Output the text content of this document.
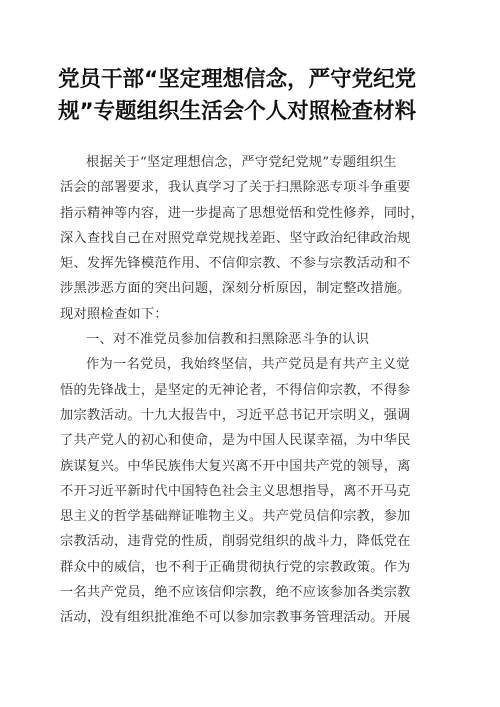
党员干部“坚定理想信念，严守党纪党
规”专题组织生活会个人对照检查材料
根据关于“坚定理想信念，严守党纪党规”专题组织生
活会的部署要求，我认真学习了关于扫黑除恶专项斗争重要
指示精神等内容，进一步提高了思想觉悟和党性修养，同时，
深入查找自己在对照党章党规找差距、坚守政治纪律政治规
矩、发挥先锋模范作用、不信仰宗教、不参与宗教活动和不
涉黑涉恶方面的突出问题，深刻分析原因，制定整改措施。
现对照检查如下：
一、对不准党员参加信教和扫黑除恶斗争的认识
作为一名党员，我始终坚信，共产党员是有共产主义觉
悟的先锋战士，是坚定的无神论者，不得信仰宗教，不得参
加宗教活动。十九大报告中，习近平总书记开宗明义，强调
了共产党人的初心和使命，是为中国人民谋幸福，为中华民
族谋复兴。中华民族伟大复兴离不开中国共产党的领导，离
不开习近平新时代中国特色社会主义思想指导，离不开马克
思主义的哲学基础辩证唯物主义。共产党员信仰宗教，参加
宗教活动，违背党的性质，削弱党组织的战斗力，降低党在
群众中的威信，也不利于正确贯彻执行党的宗教政策。作为
一名共产党员，绝不应该信仰宗教，绝不应该参加各类宗教
活动，没有组织批准绝不可以参加宗教事务管理活动。开展
